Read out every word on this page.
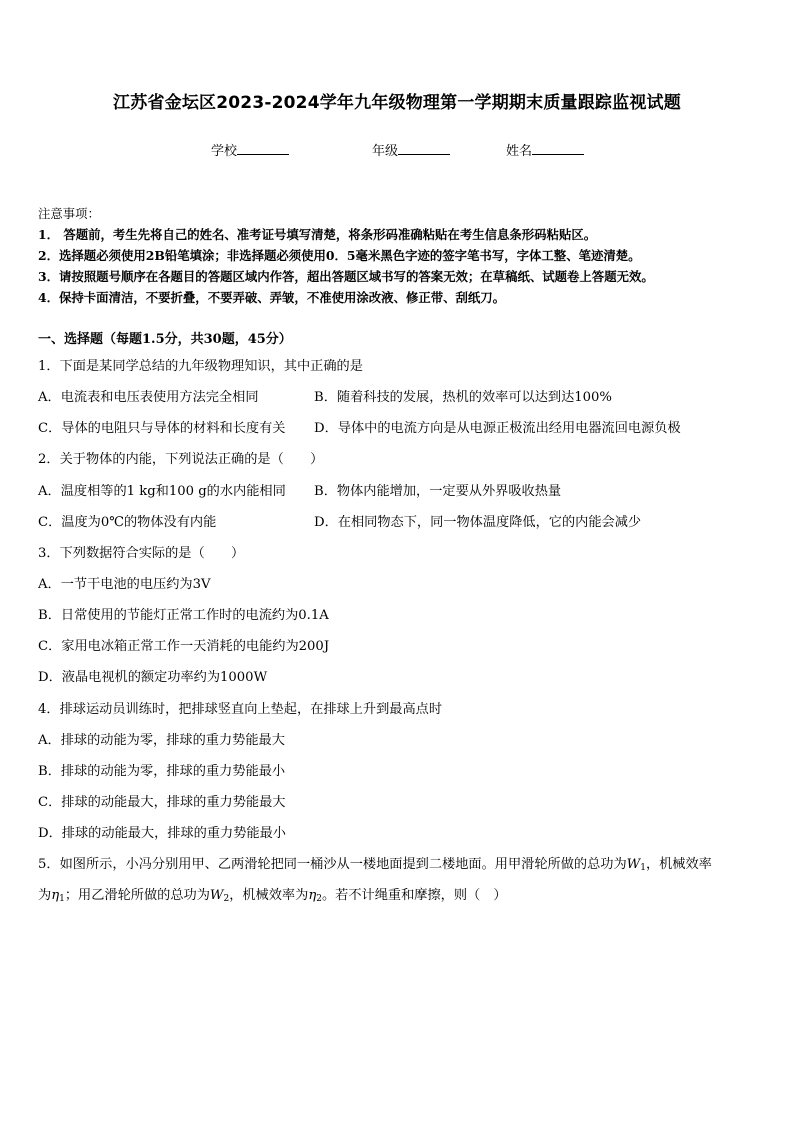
江苏省金坛区2023-2024学年九年级物理第一学期期末质量跟踪监视试题
学校	年级	姓名
注意事项：
1． 答题前，考生先将自己的姓名、准考证号填写清楚，将条形码准确粘贴在考生信息条形码粘贴区。
2．选择题必须使用2B铅笔填涂；非选择题必须使用0．5毫米黑色字迹的签字笔书写，字体工整、笔迹清楚。
3．请按照题号顺序在各题目的答题区域内作答，超出答题区域书写的答案无效；在草稿纸、试题卷上答题无效。
4．保持卡面清洁，不要折叠，不要弄破、弄皱，不准使用涂改液、修正带、刮纸刀。
一、选择题（每题1.5分，共30题，45分）
1．下面是某同学总结的九年级物理知识，其中正确的是
A．电流表和电压表使用方法完全相同	B．随着科技的发展，热机的效率可以达到达100%
C．导体的电阻只与导体的材料和长度有关 D．导体中的电流方向是从电源正极流出经用电器流回电源负极
2．关于物体的内能，下列说法正确的是（　　）
A．温度相等的1 kg和100 g的水内能相同 B．物体内能增加，一定要从外界吸收热量
C．温度为0℃的物体没有内能	D．在相同物态下，同一物体温度降低，它的内能会减少
3．下列数据符合实际的是（　　）
A．一节干电池的电压约为3V
B．日常使用的节能灯正常工作时的电流约为0.1A
C．家用电冰箱正常工作一天消耗的电能约为200J
D．液晶电视机的额定功率约为1000W
4．排球运动员训练时，把排球竖直向上垫起，在排球上升到最高点时
A．排球的动能为零，排球的重力势能最大
B．排球的动能为零，排球的重力势能最小
C．排球的动能最大，排球的重力势能最大
D．排球的动能最大，排球的重力势能最小
5．如图所示，小冯分别用甲、乙两滑轮把同一桶沙从一楼地面提到二楼地面。用甲滑轮所做的总功为$W_1$，机械效率
为$\eta_1$；用乙滑轮所做的总功为$W_2$，机械效率为$\eta_2$。若不计绳重和摩擦，则（　）
